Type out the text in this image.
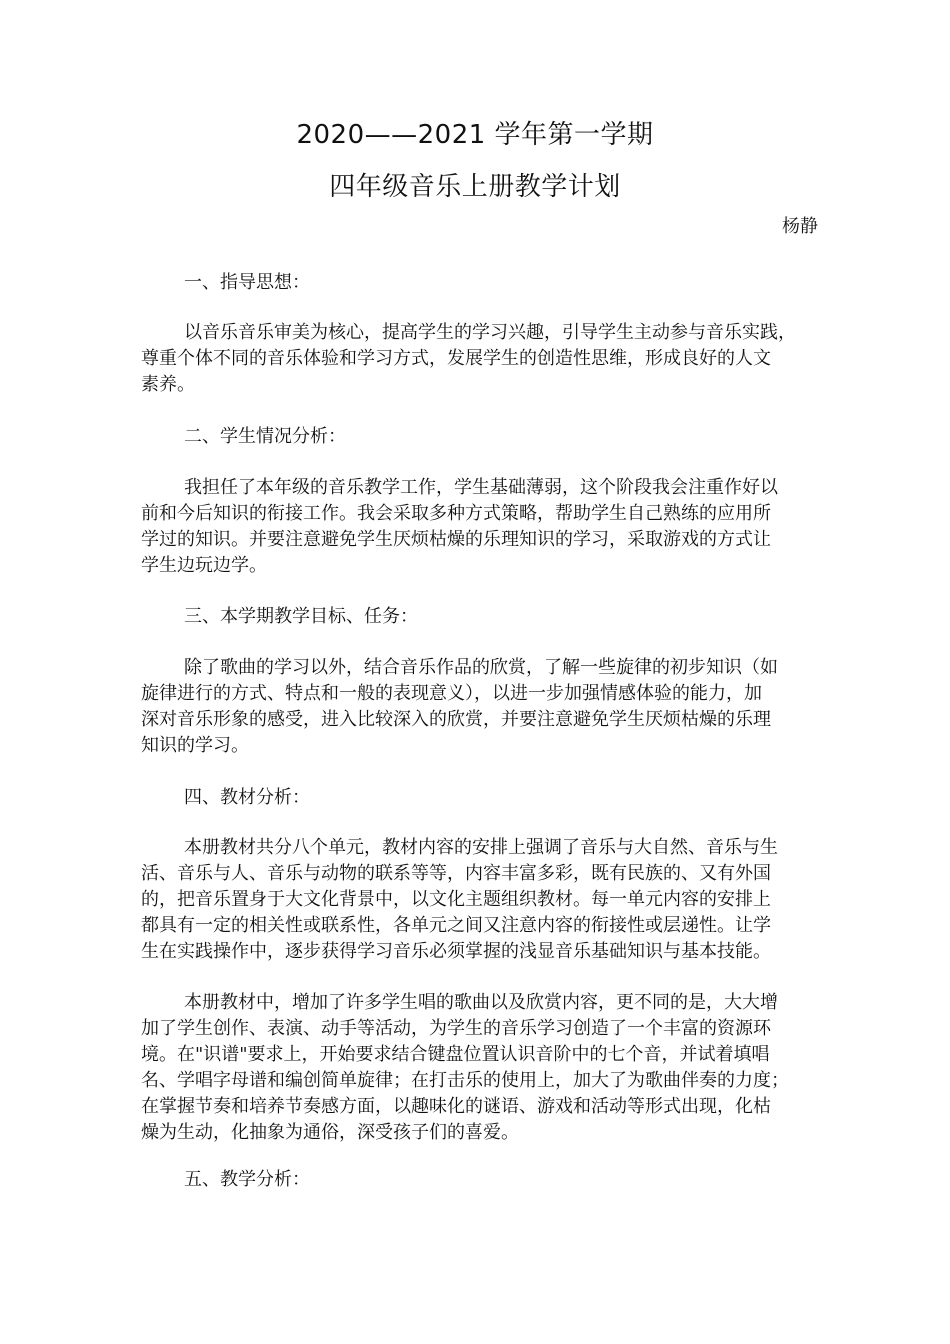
2020——2021 学年第一学期
四年级音乐上册教学计划
杨静
一、指导思想：
以音乐音乐审美为核心，提高学生的学习兴趣，引导学生主动参与音乐实践，
尊重个体不同的音乐体验和学习方式，发展学生的创造性思维，形成良好的人文
素养。
二、学生情况分析：
我担任了本年级的音乐教学工作，学生基础薄弱，这个阶段我会注重作好以
前和今后知识的衔接工作。我会采取多种方式策略，帮助学生自己熟练的应用所
学过的知识。并要注意避免学生厌烦枯燥的乐理知识的学习，采取游戏的方式让
学生边玩边学。
三、本学期教学目标、任务：
除了歌曲的学习以外，结合音乐作品的欣赏，了解一些旋律的初步知识（如
旋律进行的方式、特点和一般的表现意义），以进一步加强情感体验的能力，加
深对音乐形象的感受，进入比较深入的欣赏，并要注意避免学生厌烦枯燥的乐理
知识的学习。
四、教材分析：
本册教材共分八个单元，教材内容的安排上强调了音乐与大自然、音乐与生
活、音乐与人、音乐与动物的联系等等，内容丰富多彩，既有民族的、又有外国
的，把音乐置身于大文化背景中，以文化主题组织教材。每一单元内容的安排上
都具有一定的相关性或联系性，各单元之间又注意内容的衔接性或层递性。让学
生在实践操作中，逐步获得学习音乐必须掌握的浅显音乐基础知识与基本技能。
本册教材中，增加了许多学生唱的歌曲以及欣赏内容，更不同的是，大大增
加了学生创作、表演、动手等活动，为学生的音乐学习创造了一个丰富的资源环
境。在"识谱"要求上，开始要求结合键盘位置认识音阶中的七个音，并试着填唱
名、学唱字母谱和编创简单旋律；在打击乐的使用上，加大了为歌曲伴奏的力度；
在掌握节奏和培养节奏感方面，以趣味化的谜语、游戏和活动等形式出现，化枯
燥为生动，化抽象为通俗，深受孩子们的喜爱。
五、教学分析：
